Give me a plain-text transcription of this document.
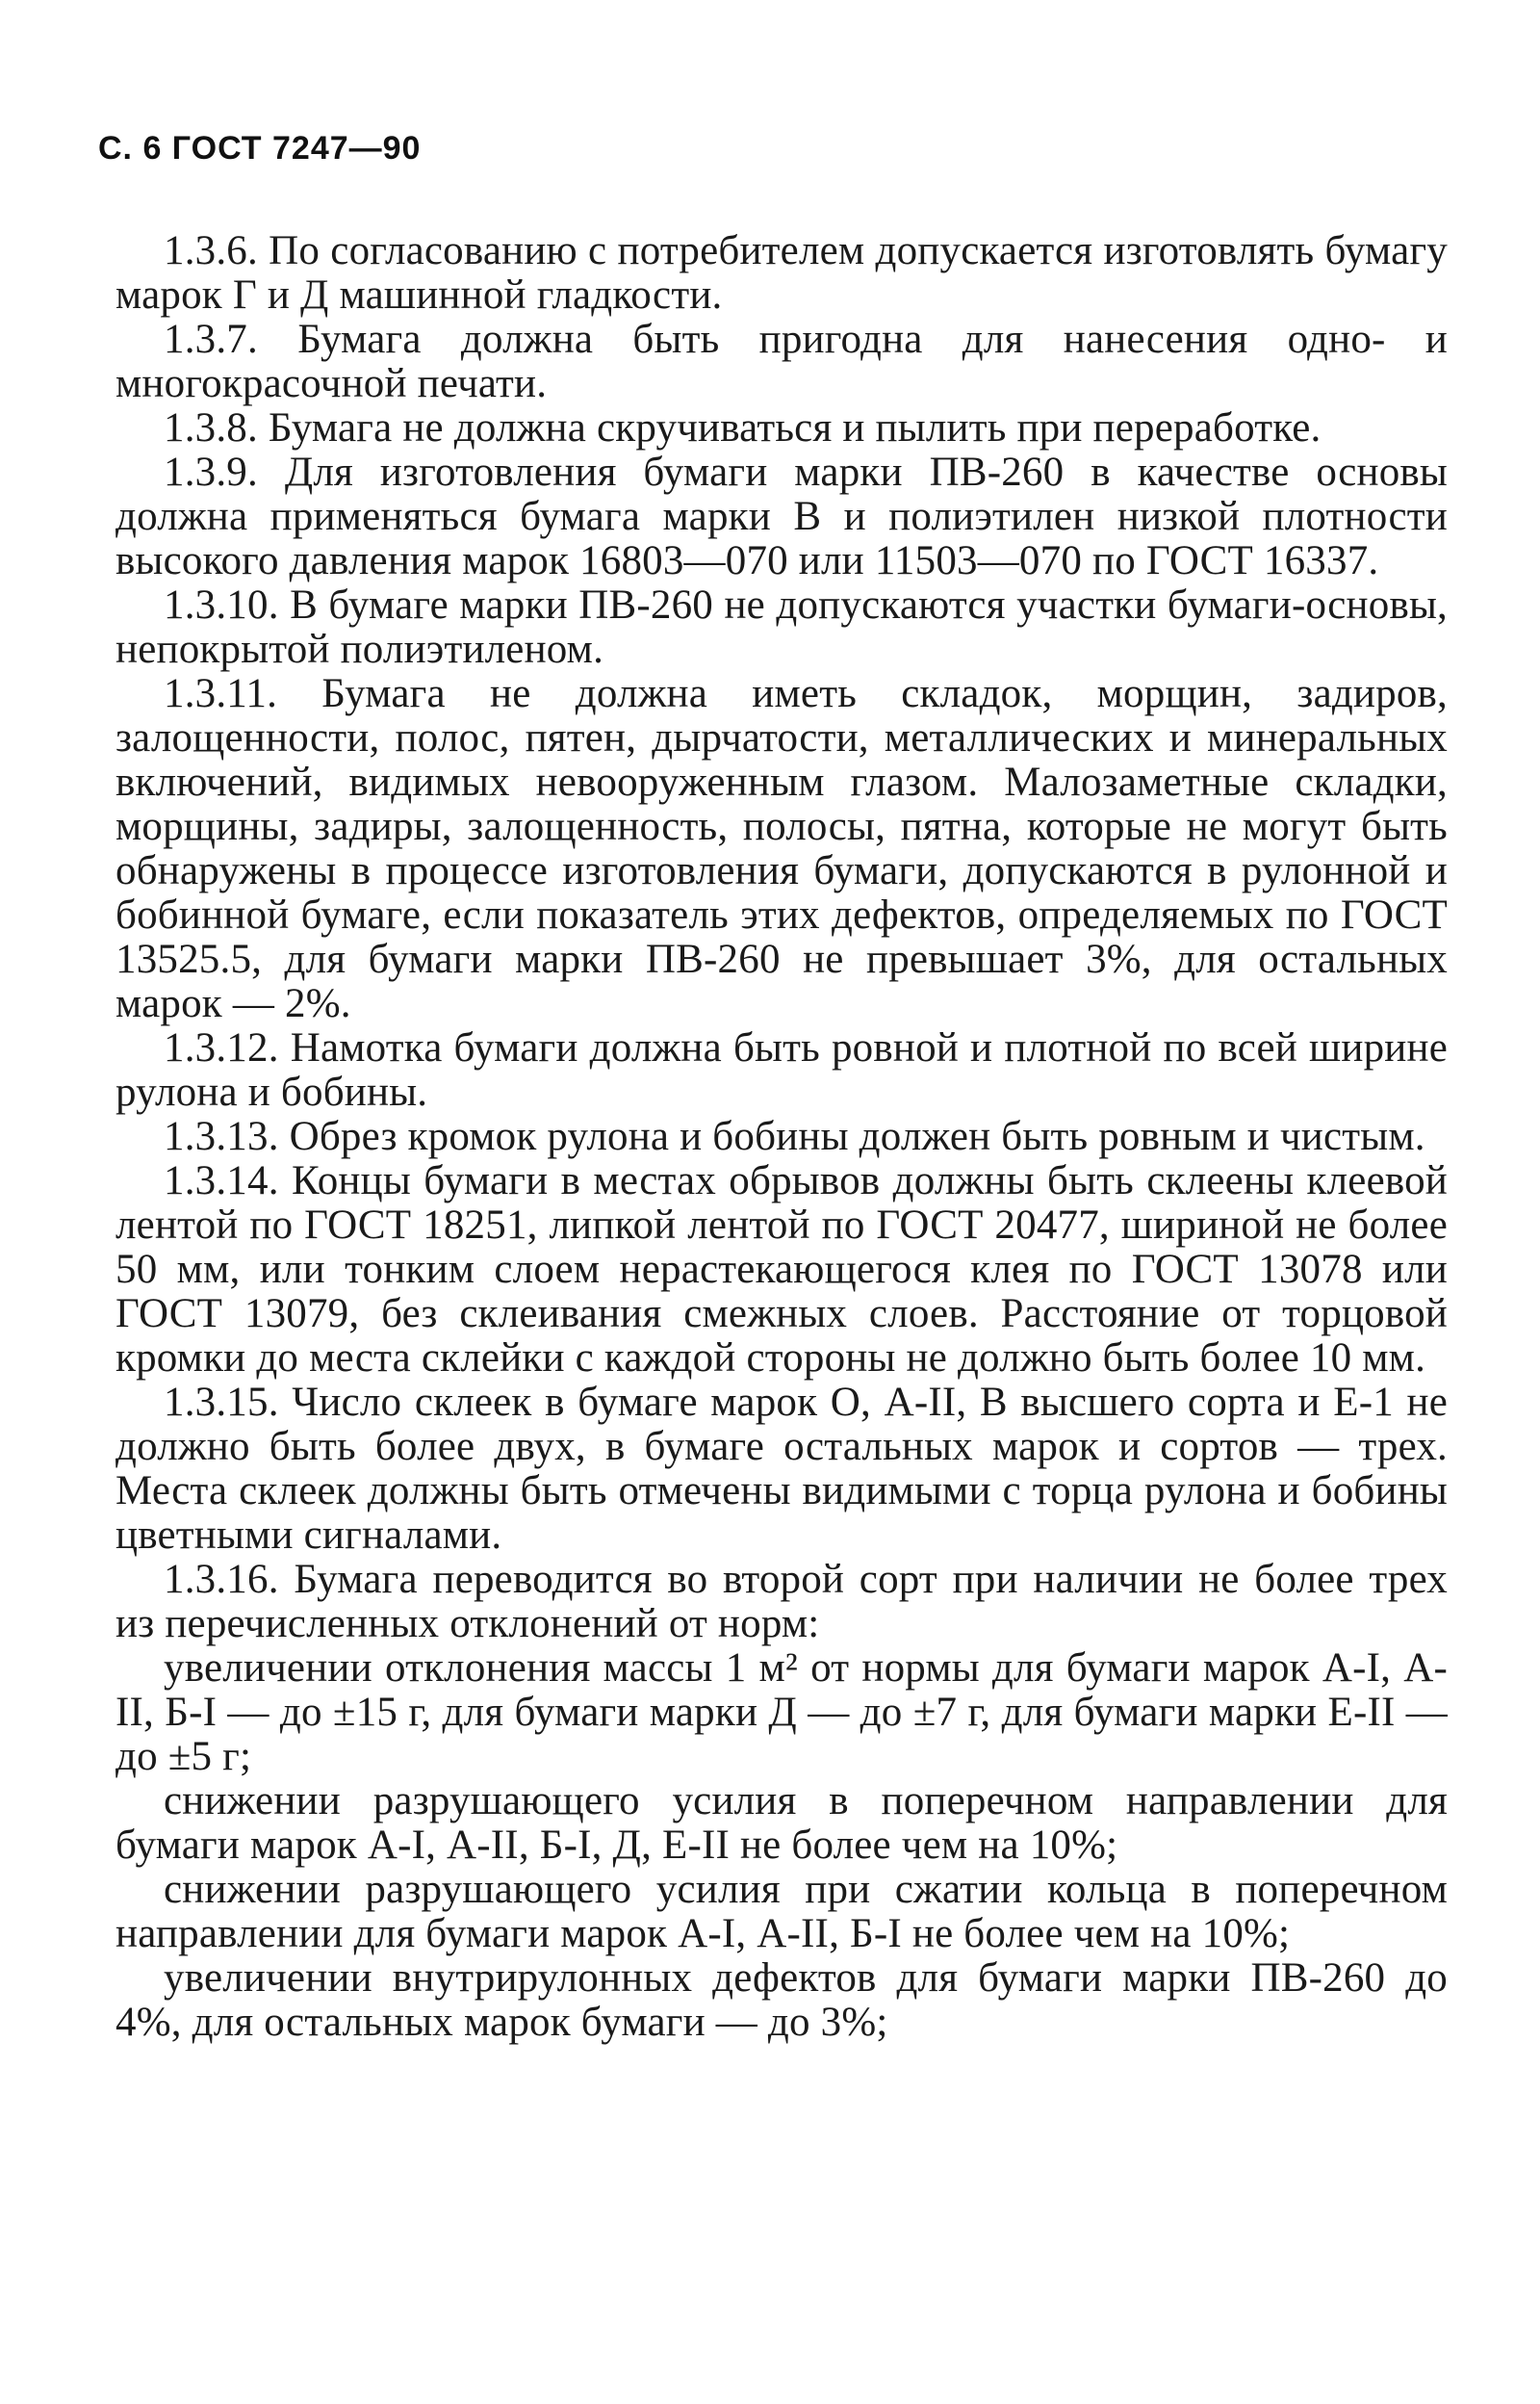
С. 6 ГОСТ 7247—90

1.3.6. По согласованию с потребителем допускается изготовлять бумагу марок Г и Д машинной гладкости.

1.3.7. Бумага должна быть пригодна для нанесения одно- и многокрасочной печати.

1.3.8. Бумага не должна скручиваться и пылить при переработке.

1.3.9. Для изготовления бумаги марки ПВ-260 в качестве основы должна применяться бумага марки В и полиэтилен низкой плотности высокого давления марок 16803—070 или 11503—070 по ГОСТ 16337.

1.3.10. В бумаге марки ПВ-260 не допускаются участки бумаги-основы, непокрытой полиэтиленом.

1.3.11. Бумага не должна иметь складок, морщин, задиров, залощенности, полос, пятен, дырчатости, металлических и минеральных включений, видимых невооруженным глазом. Малозаметные складки, морщины, задиры, залощенность, полосы, пятна, которые не могут быть обнаружены в процессе изготовления бумаги, допускаются в рулонной и бобинной бумаге, если показатель этих дефектов, определяемых по ГОСТ 13525.5, для бумаги марки ПВ-260 не превышает 3%, для остальных марок — 2%.

1.3.12. Намотка бумаги должна быть ровной и плотной по всей ширине рулона и бобины.

1.3.13. Обрез кромок рулона и бобины должен быть ровным и чистым.

1.3.14. Концы бумаги в местах обрывов должны быть склеены клеевой лентой по ГОСТ 18251, липкой лентой по ГОСТ 20477, шириной не более 50 мм, или тонким слоем нерастекающегося клея по ГОСТ 13078 или ГОСТ 13079, без склеивания смежных слоев. Расстояние от торцовой кромки до места склейки с каждой стороны не должно быть более 10 мм.

1.3.15. Число склеек в бумаге марок О, А-II, В высшего сорта и Е-1 не должно быть более двух, в бумаге остальных марок и сортов — трех. Места склеек должны быть отмечены видимыми с торца рулона и бобины цветными сигналами.

1.3.16. Бумага переводится во второй сорт при наличии не более трех из перечисленных отклонений от норм:

увеличении отклонения массы 1 м² от нормы для бумаги марок А-I, А-II, Б-I — до ±15 г, для бумаги марки Д — до ±7 г, для бумаги марки Е-II — до ±5 г;

снижении разрушающего усилия в поперечном направлении для бумаги марок А-I, А-II, Б-I, Д, Е-II не более чем на 10%;

снижении разрушающего усилия при сжатии кольца в поперечном направлении для бумаги марок А-I, А-II, Б-I не более чем на 10%;

увеличении внутрирулонных дефектов для бумаги марки ПВ-260 до 4%, для остальных марок бумаги — до 3%;
